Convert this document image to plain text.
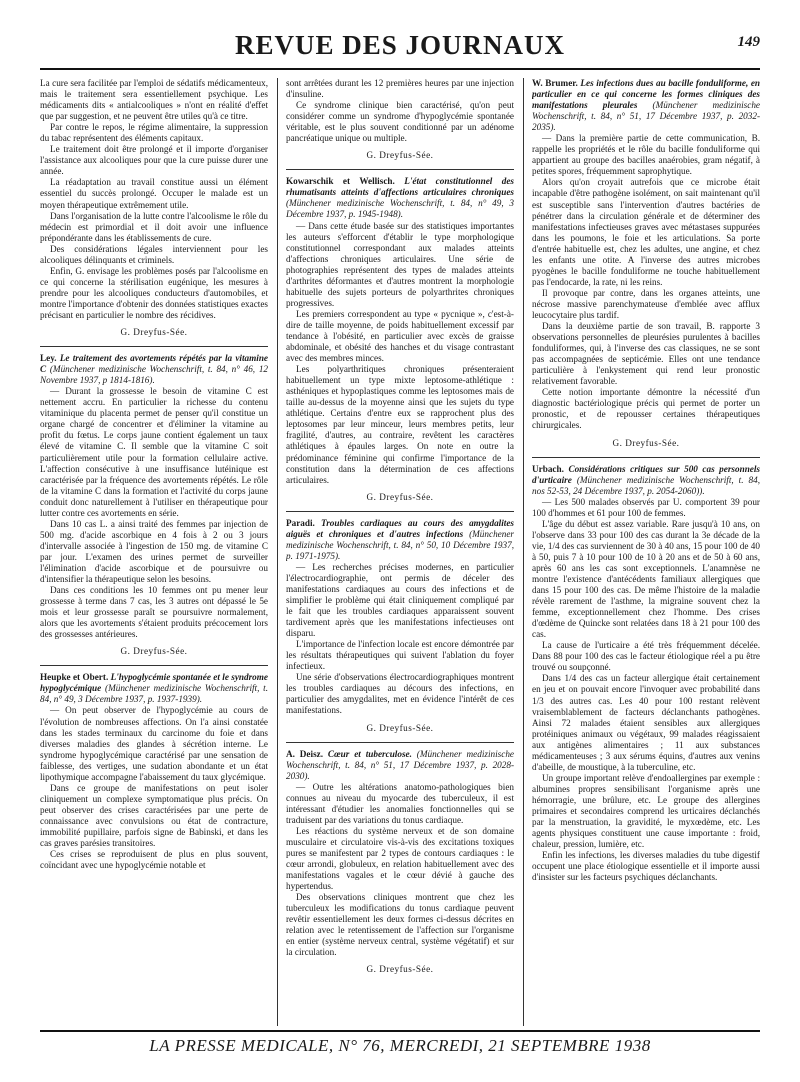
REVUE DES JOURNAUX	149

La cure sera facilitée par l'emploi de sédatifs médicamenteux, mais le traitement sera essentiellement psychique. Les médicaments dits « antialcooliques » n'ont en réalité d'effet que par suggestion, et ne peuvent être utiles qu'à ce titre.

Par contre le repos, le régime alimentaire, la suppression du tabac représentent des éléments capitaux.

Le traitement doit être prolongé et il importe d'organiser l'assistance aux alcooliques pour que la cure puisse durer une année.

La réadaptation au travail constitue aussi un élément essentiel du succès prolongé. Occuper le malade est un moyen thérapeutique extrêmement utile.

Dans l'organisation de la lutte contre l'alcoolisme le rôle du médecin est primordial et il doit avoir une influence prépondérante dans les établissements de cure.

Des considérations légales interviennent pour les alcooliques délinquants et criminels.

Enfin, G. envisage les problèmes posés par l'alcoolisme en ce qui concerne la stérilisation eugénique, les mesures à prendre pour les alcooliques conducteurs d'automobiles, et montre l'importance d'obtenir des données statistiques exactes précisant en particulier le nombre des récidives.

G. Dreyfus-Sée.

Ley. Le traitement des avortements répétés par la vitamine C (Münchener medizinische Wochenschrift, t. 84, n° 46, 12 Novembre 1937, p 1814-1816).

— Durant la grossesse le besoin de vitamine C est nettement accru. En particulier la richesse du contenu vitaminique du placenta permet de penser qu'il constitue un organe chargé de concentrer et d'éliminer la vitamine au profit du fœtus. Le corps jaune contient également un taux élevé de vitamine C. Il semble que la vitamine C soit particulièrement utile pour la formation cellulaire active. L'affection consécutive à une insuffisance lutéinique est caractérisée par la fréquence des avortements répétés. Le rôle de la vitamine C dans la formation et l'activité du corps jaune conduit donc naturellement à l'utiliser en thérapeutique pour lutter contre ces avortements en série.

Dans 10 cas L. a ainsi traité des femmes par injection de 500 mg. d'acide ascorbique en 4 fois à 2 ou 3 jours d'intervalle associée à l'ingestion de 150 mg. de vitamine C par jour. L'examen des urines permet de surveiller l'élimination d'acide ascorbique et de poursuivre ou d'intensifier la thérapeutique selon les besoins.

Dans ces conditions les 10 femmes ont pu mener leur grossesse à terme dans 7 cas, les 3 autres ont dépassé le 5e mois et leur grossesse paraît se poursuivre normalement, alors que les avortements s'étaient produits précocement lors des grossesses antérieures.

G. Dreyfus-Sée.

Heupke et Obert. L'hypoglycémie spontanée et le syndrome hypoglycémique (Münchener medizinische Wochenschrift, t. 84, n° 49, 3 Décembre 1937, p. 1937-1939).

— On peut observer de l'hypoglycémie au cours de l'évolution de nombreuses affections. On l'a ainsi constatée dans les stades terminaux du carcinome du foie et dans diverses maladies des glandes à sécrétion interne. Le syndrome hypoglycémique caractérisé par une sensation de faiblesse, des vertiges, une sudation abondante et un état lipothymique accompagne l'abaissement du taux glycémique.

Dans ce groupe de manifestations on peut isoler cliniquement un complexe symptomatique plus précis. On peut observer des crises caractérisées par une perte de connaissance avec convulsions ou état de contracture, immobilité pupillaire, parfois signe de Babinski, et dans les cas graves parésies transitoires.

Ces crises se reproduisent de plus en plus souvent, coïncidant avec une hypoglycémie notable et

sont arrêtées durant les 12 premières heures par une injection d'insuline.

Ce syndrome clinique bien caractérisé, qu'on peut considérer comme un syndrome d'hypoglycémie spontanée véritable, est le plus souvent conditionné par un adénome pancréatique unique ou multiple.

G. Dreyfus-Sée.

Kowarschik et Wellisch. L'état constitutionnel des rhumatisants atteints d'affections articulaires chroniques (Münchener medizinische Wochenschrift, t. 84, n° 49, 3 Décembre 1937, p. 1945-1948).

— Dans cette étude basée sur des statistiques importantes les auteurs s'efforcent d'établir le type morphologique constitutionnel correspondant aux malades atteints d'affections chroniques articulaires. Une série de photographies représentent des types de malades atteints d'arthrites déformantes et d'autres montrent la morphologie habituelle des sujets porteurs de polyarthrites chroniques progressives.

Les premiers correspondent au type « pycnique », c'est-à-dire de taille moyenne, de poids habituellement excessif par tendance à l'obésité, en particulier avec excès de graisse abdominale, et obésité des hanches et du visage contrastant avec des membres minces.

Les polyarthritiques chroniques présenteraient habituellement un type mixte leptosome-athlétique : asthéniques et hypoplastiques comme les leptosomes mais de taille au-dessus de la moyenne ainsi que les sujets du type athlétique. Certains d'entre eux se rapprochent plus des leptosomes par leur minceur, leurs membres petits, leur fragilité, d'autres, au contraire, revêtent les caractères athlétiques à épaules larges. On note en outre la prédominance féminine qui confirme l'importance de la constitution dans la détermination de ces affections articulaires.

G. Dreyfus-Sée.

Paradi. Troubles cardiaques au cours des amygdalites aiguës et chroniques et d'autres infections (Münchener medizinische Wochenschrift, t. 84, n° 50, 10 Décembre 1937, p. 1971-1975).

— Les recherches précises modernes, en particulier l'électrocardiographie, ont permis de déceler des manifestations cardiaques au cours des infections et de simplifier le problème qui était cliniquement compliqué par le fait que les troubles cardiaques apparaissent souvent tardivement après que les manifestations infectieuses ont disparu.

L'importance de l'infection locale est encore démontrée par les résultats thérapeutiques qui suivent l'ablation du foyer infectieux.

Une série d'observations électrocardiographiques montrent les troubles cardiaques au décours des infections, en particulier des amygdalites, met en évidence l'intérêt de ces manifestations.

G. Dreyfus-Sée.

A. Deisz. Cœur et tuberculose. (Münchener medizinische Wochenschrift, t. 84, n° 51, 17 Décembre 1937, p. 2028-2030).

— Outre les altérations anatomo-pathologiques bien connues au niveau du myocarde des tuberculeux, il est intéressant d'étudier les anomalies fonctionnelles qui se traduisent par des variations du tonus cardiaque.

Les réactions du système nerveux et de son domaine musculaire et circulatoire vis-à-vis des excitations toxiques pures se manifestent par 2 types de contours cardiaques : le cœur arrondi, globuleux, en relation habituellement avec des manifestations vagales et le cœur dévié à gauche des hypertendus.

Des observations cliniques montrent que chez les tuberculeux les modifications du tonus cardiaque peuvent revêtir essentiellement les deux formes ci-dessus décrites en relation avec le retentissement de l'affection sur l'organisme en entier (système nerveux central, système végétatif) et sur la circulation.

G. Dreyfus-Sée.

W. Brumer. Les infections dues au bacille fonduliforme, en particulier en ce qui concerne les formes cliniques des manifestations pleurales (Münchener medizinische Wochenschrift, t. 84, n° 51, 17 Décembre 1937, p. 2032-2035).

— Dans la première partie de cette communication, B. rappelle les propriétés et le rôle du bacille fonduliforme qui appartient au groupe des bacilles anaérobies, gram négatif, à petites spores, fréquemment saprophytique.

Alors qu'on croyait autrefois que ce microbe était incapable d'être pathogène isolément, on sait maintenant qu'il est susceptible sans l'intervention d'autres bactéries de pénétrer dans la circulation générale et de déterminer des manifestations infectieuses graves avec métastases suppurées dans les poumons, le foie et les articulations. Sa porte d'entrée habituelle est, chez les adultes, une angine, et chez les enfants une otite. A l'inverse des autres microbes pyogènes le bacille fonduliforme ne touche habituellement pas l'endocarde, la rate, ni les reins.

Il provoque par contre, dans les organes atteints, une nécrose massive parenchymateuse d'emblée avec afflux leucocytaire plus tardif.

Dans la deuxième partie de son travail, B. rapporte 3 observations personnelles de pleurésies purulentes à bacilles fonduliformes, qui, à l'inverse des cas classiques, ne se sont pas accompagnées de septicémie. Elles ont une tendance particulière à l'enkystement qui rend leur pronostic relativement favorable.

Cette notion importante démontre la nécessité d'un diagnostic bactériologique précis qui permet de porter un pronostic, et de repousser certaines thérapeutiques chirurgicales.

G. Dreyfus-Sée.

Urbach. Considérations critiques sur 500 cas personnels d'urticaire (Münchener medizinische Wochenschrift, t. 84, nos 52-53, 24 Décembre 1937, p. 2054-2060)).

— Les 500 malades observés par U. comportent 39 pour 100 d'hommes et 61 pour 100 de femmes.

L'âge du début est assez variable. Rare jusqu'à 10 ans, on l'observe dans 33 pour 100 des cas durant la 3e décade de la vie, 1/4 des cas surviennent de 30 à 40 ans, 15 pour 100 de 40 à 50, puis 7 à 10 pour 100 de 10 à 20 ans et de 50 à 60 ans, après 60 ans les cas sont exceptionnels. L'anamnèse ne montre l'existence d'antécédents familiaux allergiques que dans 15 pour 100 des cas. De même l'histoire de la maladie révèle rarement de l'asthme, la migraine souvent chez la femme, exceptionnellement chez l'homme. Des crises d'œdème de Quincke sont relatées dans 18 à 21 pour 100 des cas.

La cause de l'urticaire a été très fréquemment décelée. Dans 88 pour 100 des cas le facteur étiologique réel a pu être trouvé ou soupçonné.

Dans 1/4 des cas un facteur allergique était certainement en jeu et on pouvait encore l'invoquer avec probabilité dans 1/3 des autres cas. Les 40 pour 100 restant relèvent vraisemblablement de facteurs déclanchants pathogènes. Ainsi 72 malades étaient sensibles aux allergiques protéiniques animaux ou végétaux, 99 malades réagissaient aux antigènes alimentaires ; 11 aux substances médicamenteuses ; 3 aux sérums équins, d'autres aux venins d'abeille, de moustique, à la tuberculine, etc.

Un groupe important relève d'endoallergines par exemple : albumines propres sensibilisant l'organisme après une hémorragie, une brûlure, etc. Le groupe des allergines primaires et secondaires comprend les urticaires déclanchés par la menstruation, la gravidité, le myxœdème, etc. Les agents physiques constituent une cause importante : froid, chaleur, pression, lumière, etc.

Enfin les infections, les diverses maladies du tube digestif occupent une place étiologique essentielle et il importe aussi d'insister sur les facteurs psychiques déclanchants.

LA PRESSE MEDICALE, N° 76, MERCREDI, 21 SEPTEMBRE 1938
